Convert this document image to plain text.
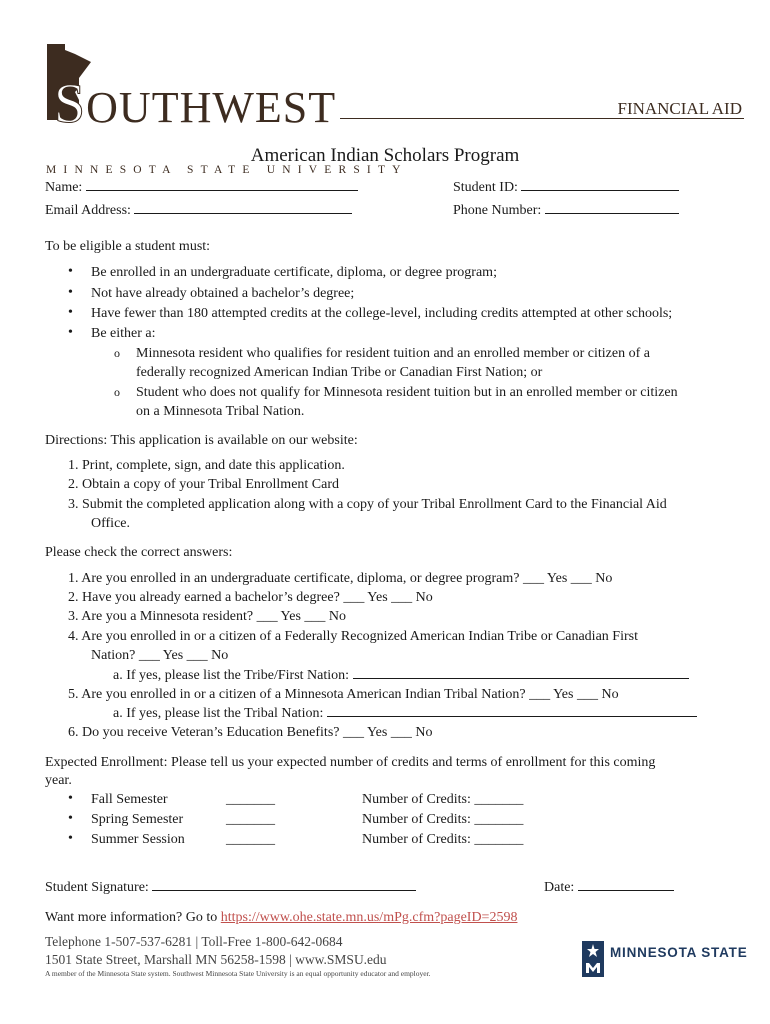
SOUTHWEST
MINNESOTA STATE UNIVERSITY
FINANCIAL AID
American Indian Scholars Program
Name:	Student ID:
Email Address:	Phone Number:
To be eligible a student must:
• Be enrolled in an undergraduate certificate, diploma, or degree program;
• Not have already obtained a bachelor’s degree;
• Have fewer than 180 attempted credits at the college-level, including credits attempted at other schools;
• Be either a:
o Minnesota resident who qualifies for resident tuition and an enrolled member or citizen of a
federally recognized American Indian Tribe or Canadian First Nation; or
o Student who does not qualify for Minnesota resident tuition but in an enrolled member or citizen
on a Minnesota Tribal Nation.
Directions: This application is available on our website:
1. Print, complete, sign, and date this application.
2. Obtain a copy of your Tribal Enrollment Card
3. Submit the completed application along with a copy of your Tribal Enrollment Card to the Financial Aid
Office.
Please check the correct answers:
1. Are you enrolled in an undergraduate certificate, diploma, or degree program? ___ Yes ___ No
2. Have you already earned a bachelor’s degree? ___ Yes ___ No
3. Are you a Minnesota resident? ___ Yes ___ No
4. Are you enrolled in or a citizen of a Federally Recognized American Indian Tribe or Canadian First
Nation? ___ Yes ___ No
a. If yes, please list the Tribe/First Nation:
5. Are you enrolled in or a citizen of a Minnesota American Indian Tribal Nation? ___ Yes ___ No
a. If yes, please list the Tribal Nation:
6. Do you receive Veteran’s Education Benefits? ___ Yes ___ No
Expected Enrollment: Please tell us your expected number of credits and terms of enrollment for this coming
year.
• Fall Semester	_______	Number of Credits: _______
• Spring Semester	_______	Number of Credits: _______
• Summer Session	_______	Number of Credits: _______
Student Signature:	Date:
Want more information? Go to https://www.ohe.state.mn.us/mPg.cfm?pageID=2598
Telephone 1-507-537-6281 | Toll-Free 1-800-642-0684
1501 State Street, Marshall MN 56258-1598 | www.SMSU.edu
A member of the Minnesota State system. Southwest Minnesota State University is an equal opportunity educator and employer.
MINNESOTA STATE
